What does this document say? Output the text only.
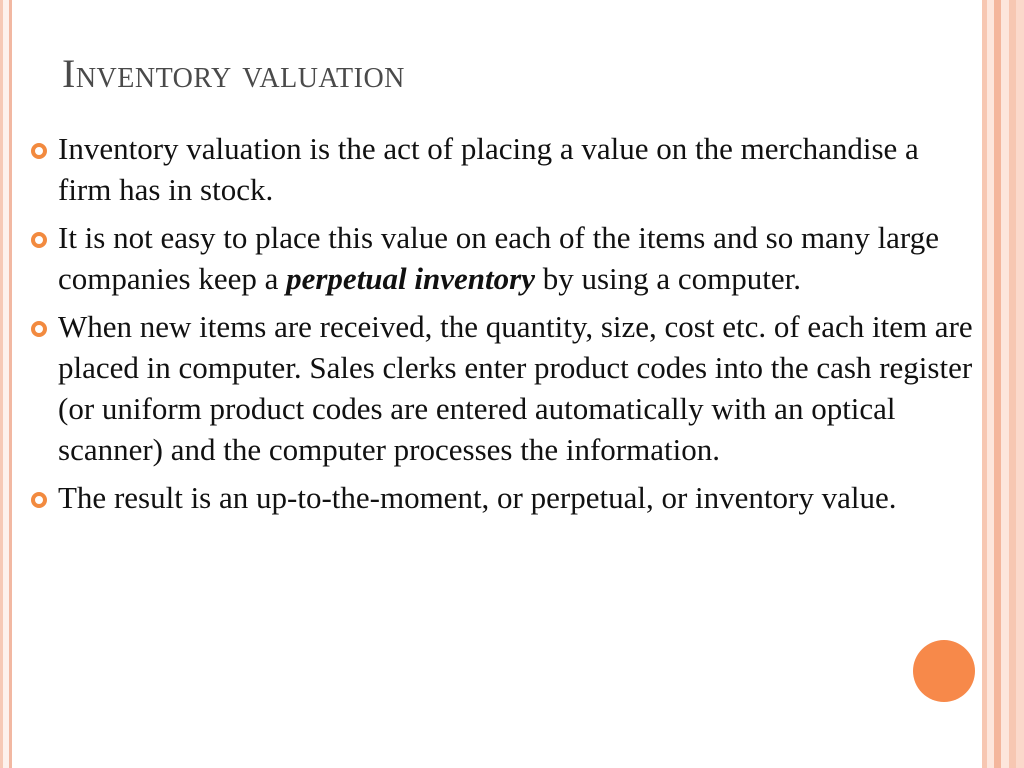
Inventory valuation
Inventory valuation is the act of placing a value on the merchandise a firm has in stock.
It is not easy to place this value on each of the items and so many large companies keep a perpetual inventory by using a computer.
When new items are received, the quantity, size, cost etc. of each item are placed in computer. Sales clerks enter product codes into the cash register (or uniform product codes are entered automatically with an optical scanner) and the computer processes the information.
The result is an up-to-the-moment, or perpetual, or inventory value.
